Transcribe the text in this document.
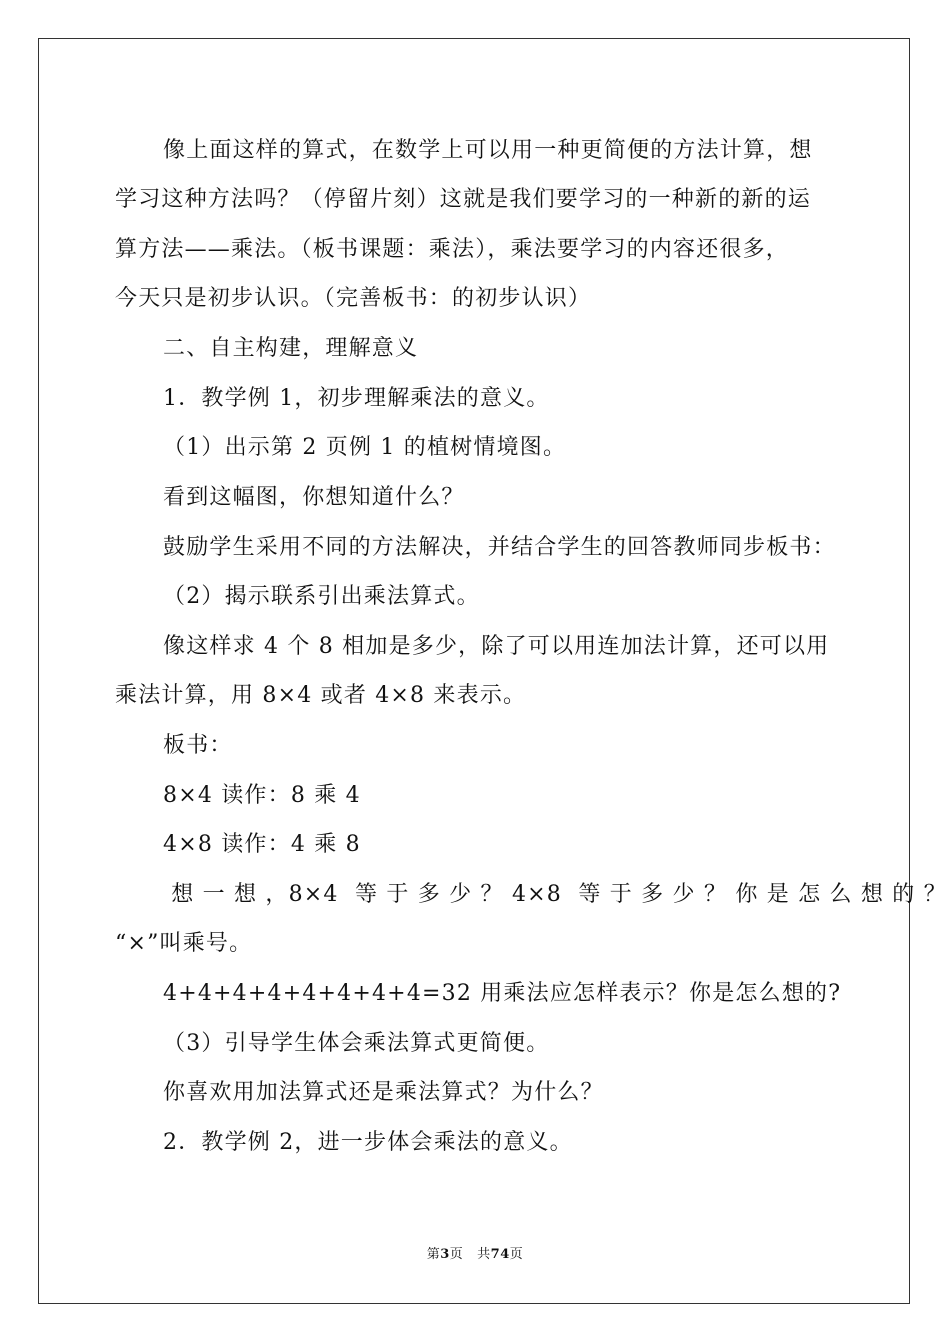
像上面这样的算式，在数学上可以用一种更简便的方法计算，想
学习这种方法吗？（停留片刻）这就是我们要学习的一种新的新的运
算方法——乘法。（板书课题：乘法），乘法要学习的内容还很多，
今天只是初步认识。（完善板书：的初步认识）
二、自主构建，理解意义
1．教学例 1，初步理解乘法的意义。
（1）出示第 2 页例 1 的植树情境图。
看到这幅图，你想知道什么？
鼓励学生采用不同的方法解决，并结合学生的回答教师同步板书：
（2）揭示联系引出乘法算式。
像这样求 4 个 8 相加是多少，除了可以用连加法计算，还可以用
乘法计算，用 8×4 或者 4×8 来表示。
板书：
8×4 读作：8 乘 4
4×8 读作：4 乘 8
想 一 想 ，8×4  等 于 多 少 ？ 4×8  等 于 多 少 ？ 你 是 怎 么 想 的 ？
“×”叫乘号。
4+4+4+4+4+4+4+4=32 用乘法应怎样表示？你是怎么想的?
（3）引导学生体会乘法算式更简便。
你喜欢用加法算式还是乘法算式？为什么？
2．教学例 2，进一步体会乘法的意义。
第3页   共74页
